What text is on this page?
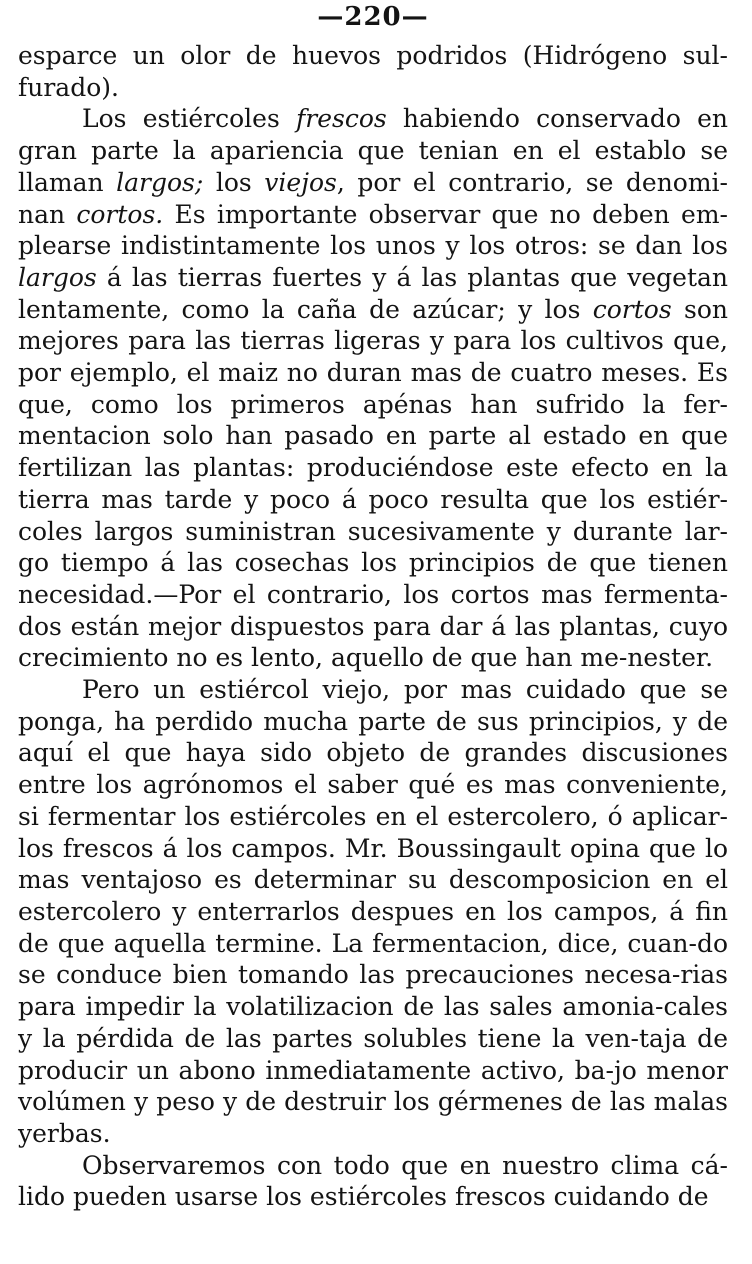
—220—

esparce un olor de huevos podridos (Hidrógeno sul-furado).

Los estiércoles frescos habiendo conservado en gran parte la apariencia que tenian en el establo se llaman largos; los viejos, por el contrario, se denomi-nan cortos. Es importante observar que no deben em-plearse indistintamente los unos y los otros: se dan los largos á las tierras fuertes y á las plantas que vegetan lentamente, como la caña de azúcar; y los cortos son mejores para las tierras ligeras y para los cultivos que, por ejemplo, el maiz no duran mas de cuatro meses. Es que, como los primeros apénas han sufrido la fer-mentacion solo han pasado en parte al estado en que fertilizan las plantas: produciéndose este efecto en la tierra mas tarde y poco á poco resulta que los estiér-coles largos suministran sucesivamente y durante lar-go tiempo á las cosechas los principios de que tienen necesidad.—Por el contrario, los cortos mas fermenta-dos están mejor dispuestos para dar á las plantas, cuyo crecimiento no es lento, aquello de que han me-nester.

Pero un estiércol viejo, por mas cuidado que se ponga, ha perdido mucha parte de sus principios, y de aquí el que haya sido objeto de grandes discusiones entre los agrónomos el saber qué es mas conveniente, si fermentar los estiércoles en el estercolero, ó aplicar-los frescos á los campos. Mr. Boussingault opina que lo mas ventajoso es determinar su descomposicion en el estercolero y enterrarlos despues en los campos, á fin de que aquella termine. La fermentacion, dice, cuan-do se conduce bien tomando las precauciones necesa-rias para impedir la volatilizacion de las sales amonia-cales y la pérdida de las partes solubles tiene la ven-taja de producir un abono inmediatamente activo, ba-jo menor volúmen y peso y de destruir los gérmenes de las malas yerbas.

Observaremos con todo que en nuestro clima cá-lido pueden usarse los estiércoles frescos cuidando de
